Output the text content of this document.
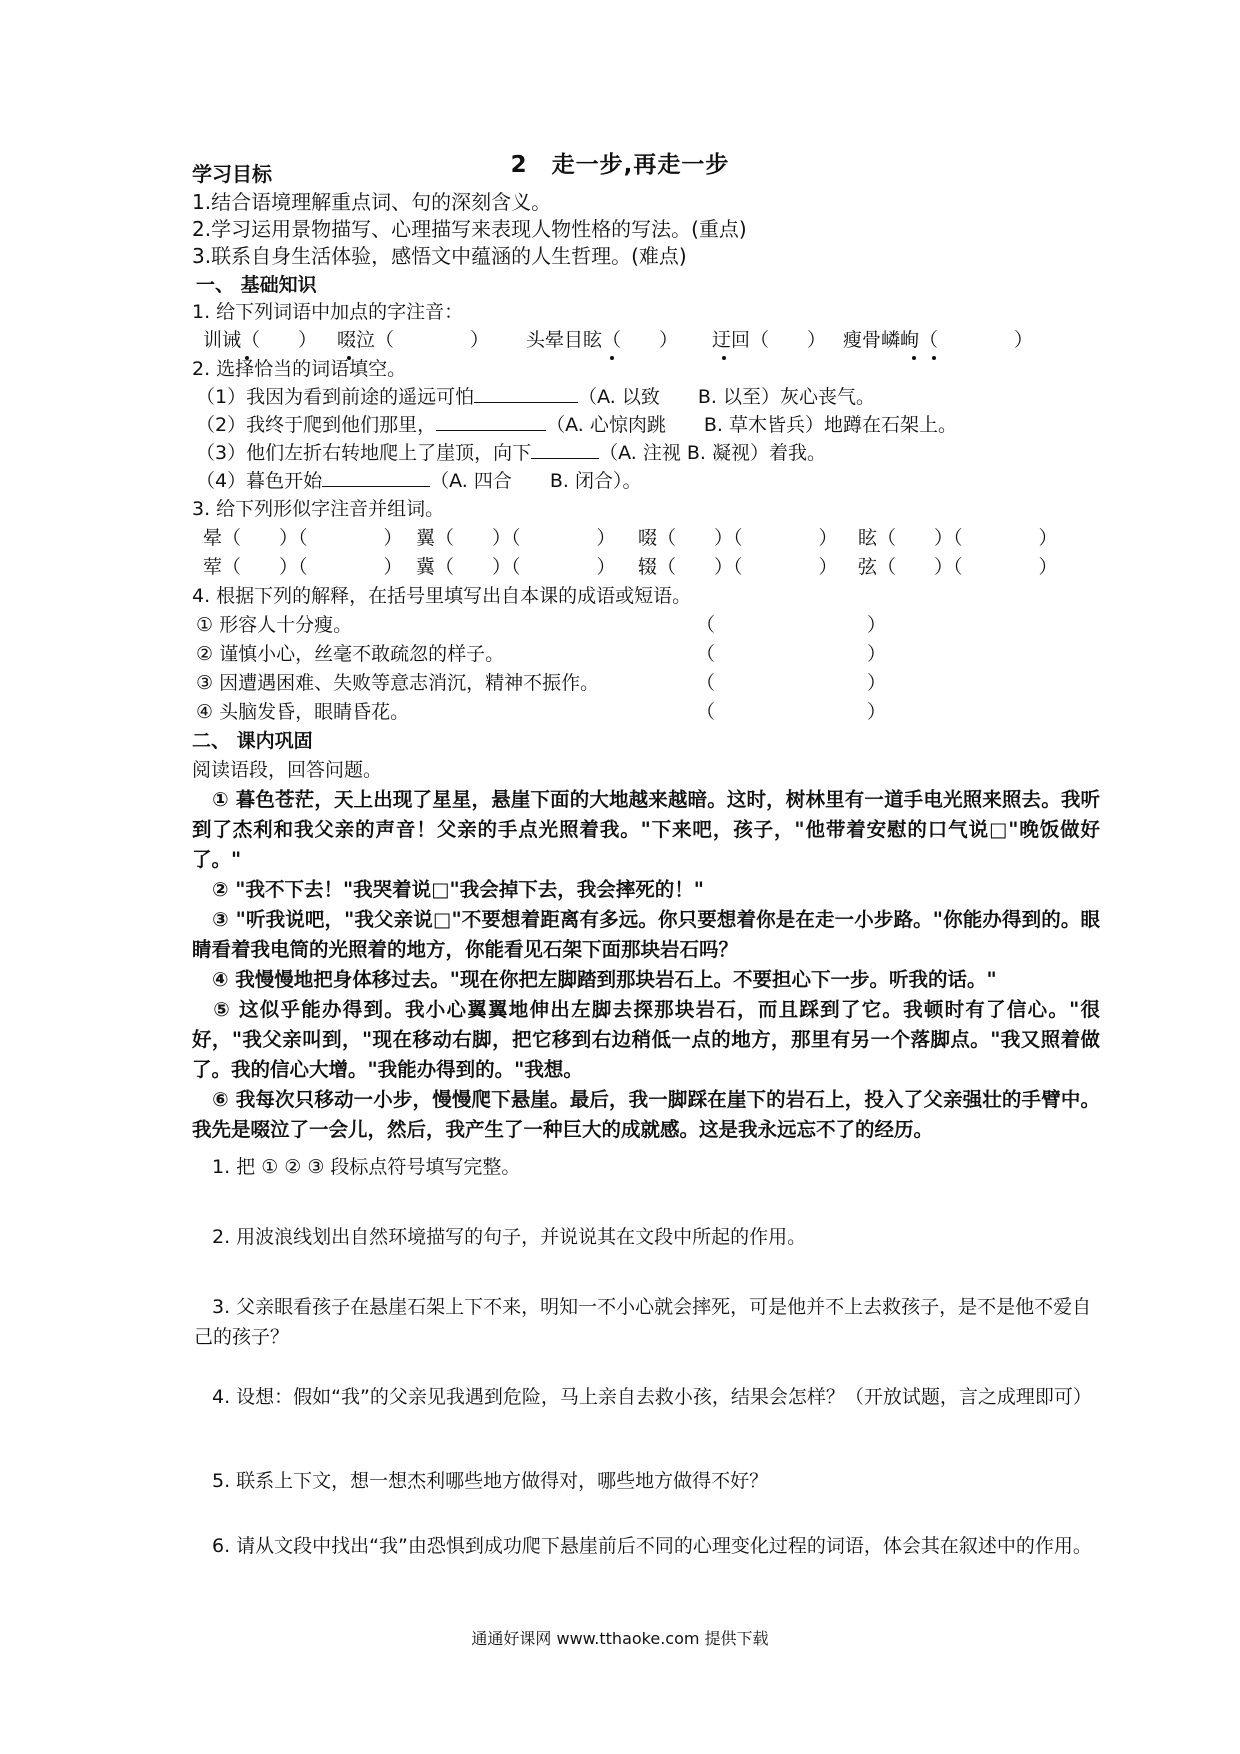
2　走一步,再走一步
学习目标
1.结合语境理解重点词、句的深刻含义。
2.学习运用景物描写、心理描写来表现人物性格的写法。(重点)
3.联系自身生活体验，感悟文中蕴涵的人生哲理。(难点)
一、 基础知识
1. 给下列词语中加点的字注音：
训诫（　　） 啜泣（　　　　） 头晕目眩（　　） 迂回（　　） 瘦骨嶙峋（　　　　）
2. 选择恰当的词语填空。
（1）我因为看到前途的遥远可怕	（A. 以致　　B. 以至）灰心丧气。
（2）我终于爬到他们那里，	（A. 心惊肉跳　　B. 草木皆兵）地蹲在石架上。
（3）他们左折右转地爬上了崖顶，向下	（A. 注视 B. 凝视）着我。
（4）暮色开始	（A. 四合　　B. 闭合）。
3. 给下列形似字注音并组词。
晕（　　）（　　　　） 翼（　　）（　　　　） 啜（　　）（　　　　） 眩（　　）（　　　　）
荤（　　）（　　　　） 冀（　　）（　　　　） 辍（　　）（　　　　） 弦（　　）（　　　　）
4. 根据下列的解释，在括号里填写出自本课的成语或短语。
① 形容人十分瘦。	（　　　　　　　　）
② 谨慎小心，丝毫不敢疏忽的样子。	（　　　　　　　　）
③ 因遭遇困难、失败等意志消沉，精神不振作。	（　　　　　　　　）
④ 头脑发昏，眼睛昏花。	（　　　　　　　　）
二、 课内巩固
阅读语段，回答问题。
① 暮色苍茫，天上出现了星星，悬崖下面的大地越来越暗。这时，树林里有一道手电光照来照去。我听到了杰利和我父亲的声音！父亲的手点光照着我。"下来吧，孩子，"他带着安慰的口气说□"晚饭做好了。"
② "我不下去！"我哭着说□"我会掉下去，我会摔死的！"
③ "听我说吧，"我父亲说□"不要想着距离有多远。你只要想着你是在走一小步路。"你能办得到的。眼睛看着我电筒的光照着的地方，你能看见石架下面那块岩石吗？
④ 我慢慢地把身体移过去。"现在你把左脚踏到那块岩石上。不要担心下一步。听我的话。"
⑤ 这似乎能办得到。我小心翼翼地伸出左脚去探那块岩石，而且踩到了它。我顿时有了信心。"很好，"我父亲叫到，"现在移动右脚，把它移到右边稍低一点的地方，那里有另一个落脚点。"我又照着做了。我的信心大增。"我能办得到的。"我想。
⑥ 我每次只移动一小步，慢慢爬下悬崖。最后，我一脚踩在崖下的岩石上，投入了父亲强壮的手臂中。我先是啜泣了一会儿，然后，我产生了一种巨大的成就感。这是我永远忘不了的经历。
1. 把 ① ② ③ 段标点符号填写完整。
2. 用波浪线划出自然环境描写的句子，并说说其在文段中所起的作用。
3. 父亲眼看孩子在悬崖石架上下不来，明知一不小心就会摔死，可是他并不上去救孩子，是不是他不爱自己的孩子？
4. 设想：假如“我”的父亲见我遇到危险，马上亲自去救小孩，结果会怎样？（开放试题，言之成理即可）
5. 联系上下文，想一想杰利哪些地方做得对，哪些地方做得不好？
6. 请从文段中找出“我”由恐惧到成功爬下悬崖前后不同的心理变化过程的词语，体会其在叙述中的作用。
通通好课网 www.tthaoke.com 提供下载
